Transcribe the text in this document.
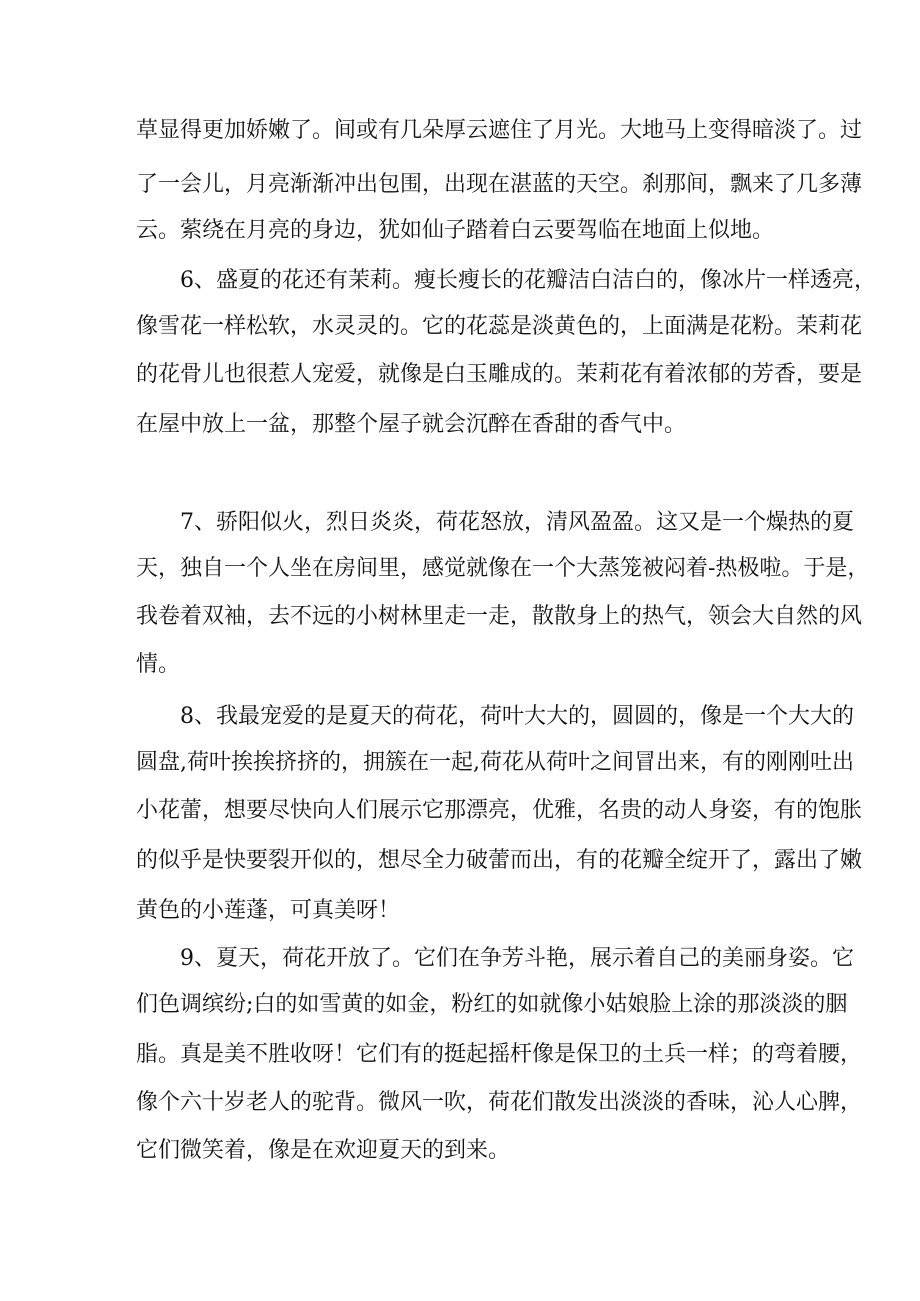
草显得更加娇嫩了。间或有几朵厚云遮住了月光。大地马上变得暗淡了。过
了一会儿，月亮渐渐冲出包围，出现在湛蓝的天空。刹那间，飘来了几多薄
云。萦绕在月亮的身边，犹如仙子踏着白云要驾临在地面上似地。
6、盛夏的花还有茉莉。瘦长瘦长的花瓣洁白洁白的，像冰片一样透亮，
像雪花一样松软，水灵灵的。它的花蕊是淡黄色的，上面满是花粉。茉莉花
的花骨儿也很惹人宠爱，就像是白玉雕成的。茉莉花有着浓郁的芳香，要是
在屋中放上一盆，那整个屋子就会沉醉在香甜的香气中。
7、骄阳似火，烈日炎炎，荷花怒放，清风盈盈。这又是一个燥热的夏
天，独自一个人坐在房间里，感觉就像在一个大蒸笼被闷着-热极啦。于是，
我卷着双袖，去不远的小树林里走一走，散散身上的热气，领会大自然的风
情。
8、我最宠爱的是夏天的荷花，荷叶大大的，圆圆的，像是一个大大的
圆盘,荷叶挨挨挤挤的，拥簇在一起,荷花从荷叶之间冒出来，有的刚刚吐出
小花蕾，想要尽快向人们展示它那漂亮，优雅，名贵的动人身姿，有的饱胀
的似乎是快要裂开似的，想尽全力破蕾而出，有的花瓣全绽开了，露出了嫩
黄色的小莲蓬，可真美呀！
9、夏天，荷花开放了。它们在争芳斗艳，展示着自己的美丽身姿。它
们色调缤纷;白的如雪黄的如金，粉红的如就像小姑娘脸上涂的那淡淡的胭
脂。真是美不胜收呀！它们有的挺起摇杆像是保卫的土兵一样；的弯着腰，
像个六十岁老人的驼背。微风一吹，荷花们散发出淡淡的香味，沁人心脾，
它们微笑着，像是在欢迎夏天的到来。
